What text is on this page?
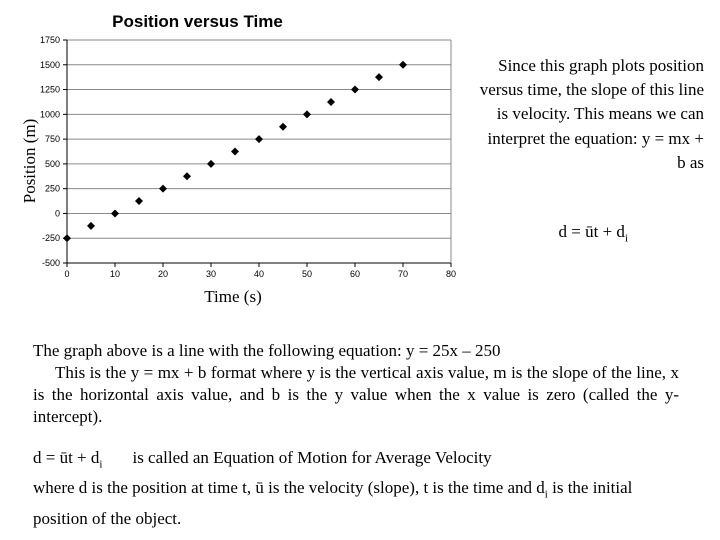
Position versus Time
-500
-250
0
250
500
750
1000
1250
1500
1750
0	10	20	30	40	50	60	70	80
Position (m)
Time (s)
Since this graph plots position versus time, the slope of this line is velocity. This means we can interpret the equation: y = mx + b as
d = ūt + $d_i$
The graph above is a line with the following equation: y = 25x – 250
This is the y = mx + b format where y is the vertical axis value, m is the slope of the line, x is the horizontal axis value, and b is the y value when the x value is zero (called the y-intercept).
d = ūt + $d_i$ is called an Equation of Motion for Average Velocity
where d is the position at time t, ū is the velocity (slope), t is the time and $d_i$ is the initial position of the object.
